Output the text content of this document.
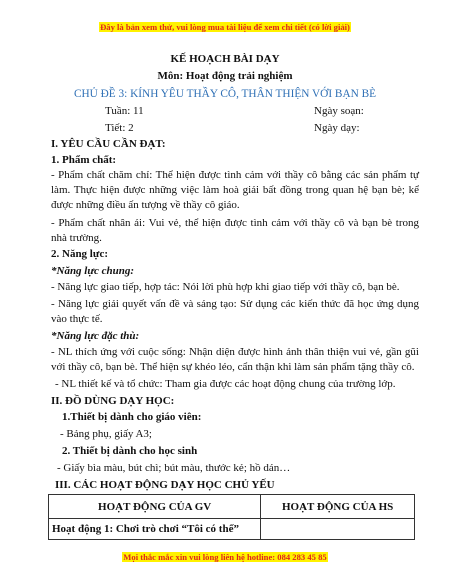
Đây là bản xem thử, vui lòng mua tài liệu để xem chi tiết (có lời giải)
KẾ HOẠCH BÀI DẠY
Môn: Hoạt động trải nghiệm
CHỦ ĐỀ 3: KÍNH YÊU THẦY CÔ, THÂN THIỆN VỚI BẠN BÈ
Tuần: 11	Ngày soạn:
Tiết: 2	Ngày dạy:
I. YÊU CẦU CẦN ĐẠT:
1. Phẩm chất:
- Phẩm chất chăm chỉ: Thể hiện được tình cảm với thầy cô bằng các sản phẩm tự làm. Thực hiện được những việc làm hoà giải bất đồng trong quan hệ bạn bè; kể được những điều ấn tượng về thầy cô giáo.
- Phẩm chất nhân ái: Vui vẻ, thể hiện được tình cảm với thầy cô và bạn bè trong nhà trường.
2. Năng lực:
*Năng lực chung:
- Năng lực giao tiếp, hợp tác: Nói lời phù hợp khi giao tiếp với thầy cô, bạn bè.
- Năng lực giải quyết vấn đề và sáng tạo: Sử dụng các kiến thức đã học ứng dụng vào thực tế.
*Năng lực đặc thù:
- NL thích ứng với cuộc sống: Nhận diện được hình ảnh thân thiện vui vẻ, gần gũi với thầy cô, bạn bè. Thể hiện sự khéo léo, cẩn thận khi làm sản phẩm tặng thầy cô.
- NL thiết kế và tổ chức: Tham gia được các hoạt động chung của trường lớp.
II. ĐỒ DÙNG DẠY HỌC:
1.Thiết bị dành cho giáo viên:
- Bảng phụ, giấy A3;
2. Thiết bị dành cho học sinh
- Giấy bìa màu, bút chì; bút màu, thước kẻ; hồ dán…
III. CÁC HOẠT ĐỘNG DẠY HỌC CHỦ YẾU
HOẠT ĐỘNG CỦA GV	HOẠT ĐỘNG CỦA HS
Hoạt động 1: Chơi trò chơi “Tôi có thể”	
Mọi thắc mắc xin vui lòng liên hệ hotline: 084 283 45 85
